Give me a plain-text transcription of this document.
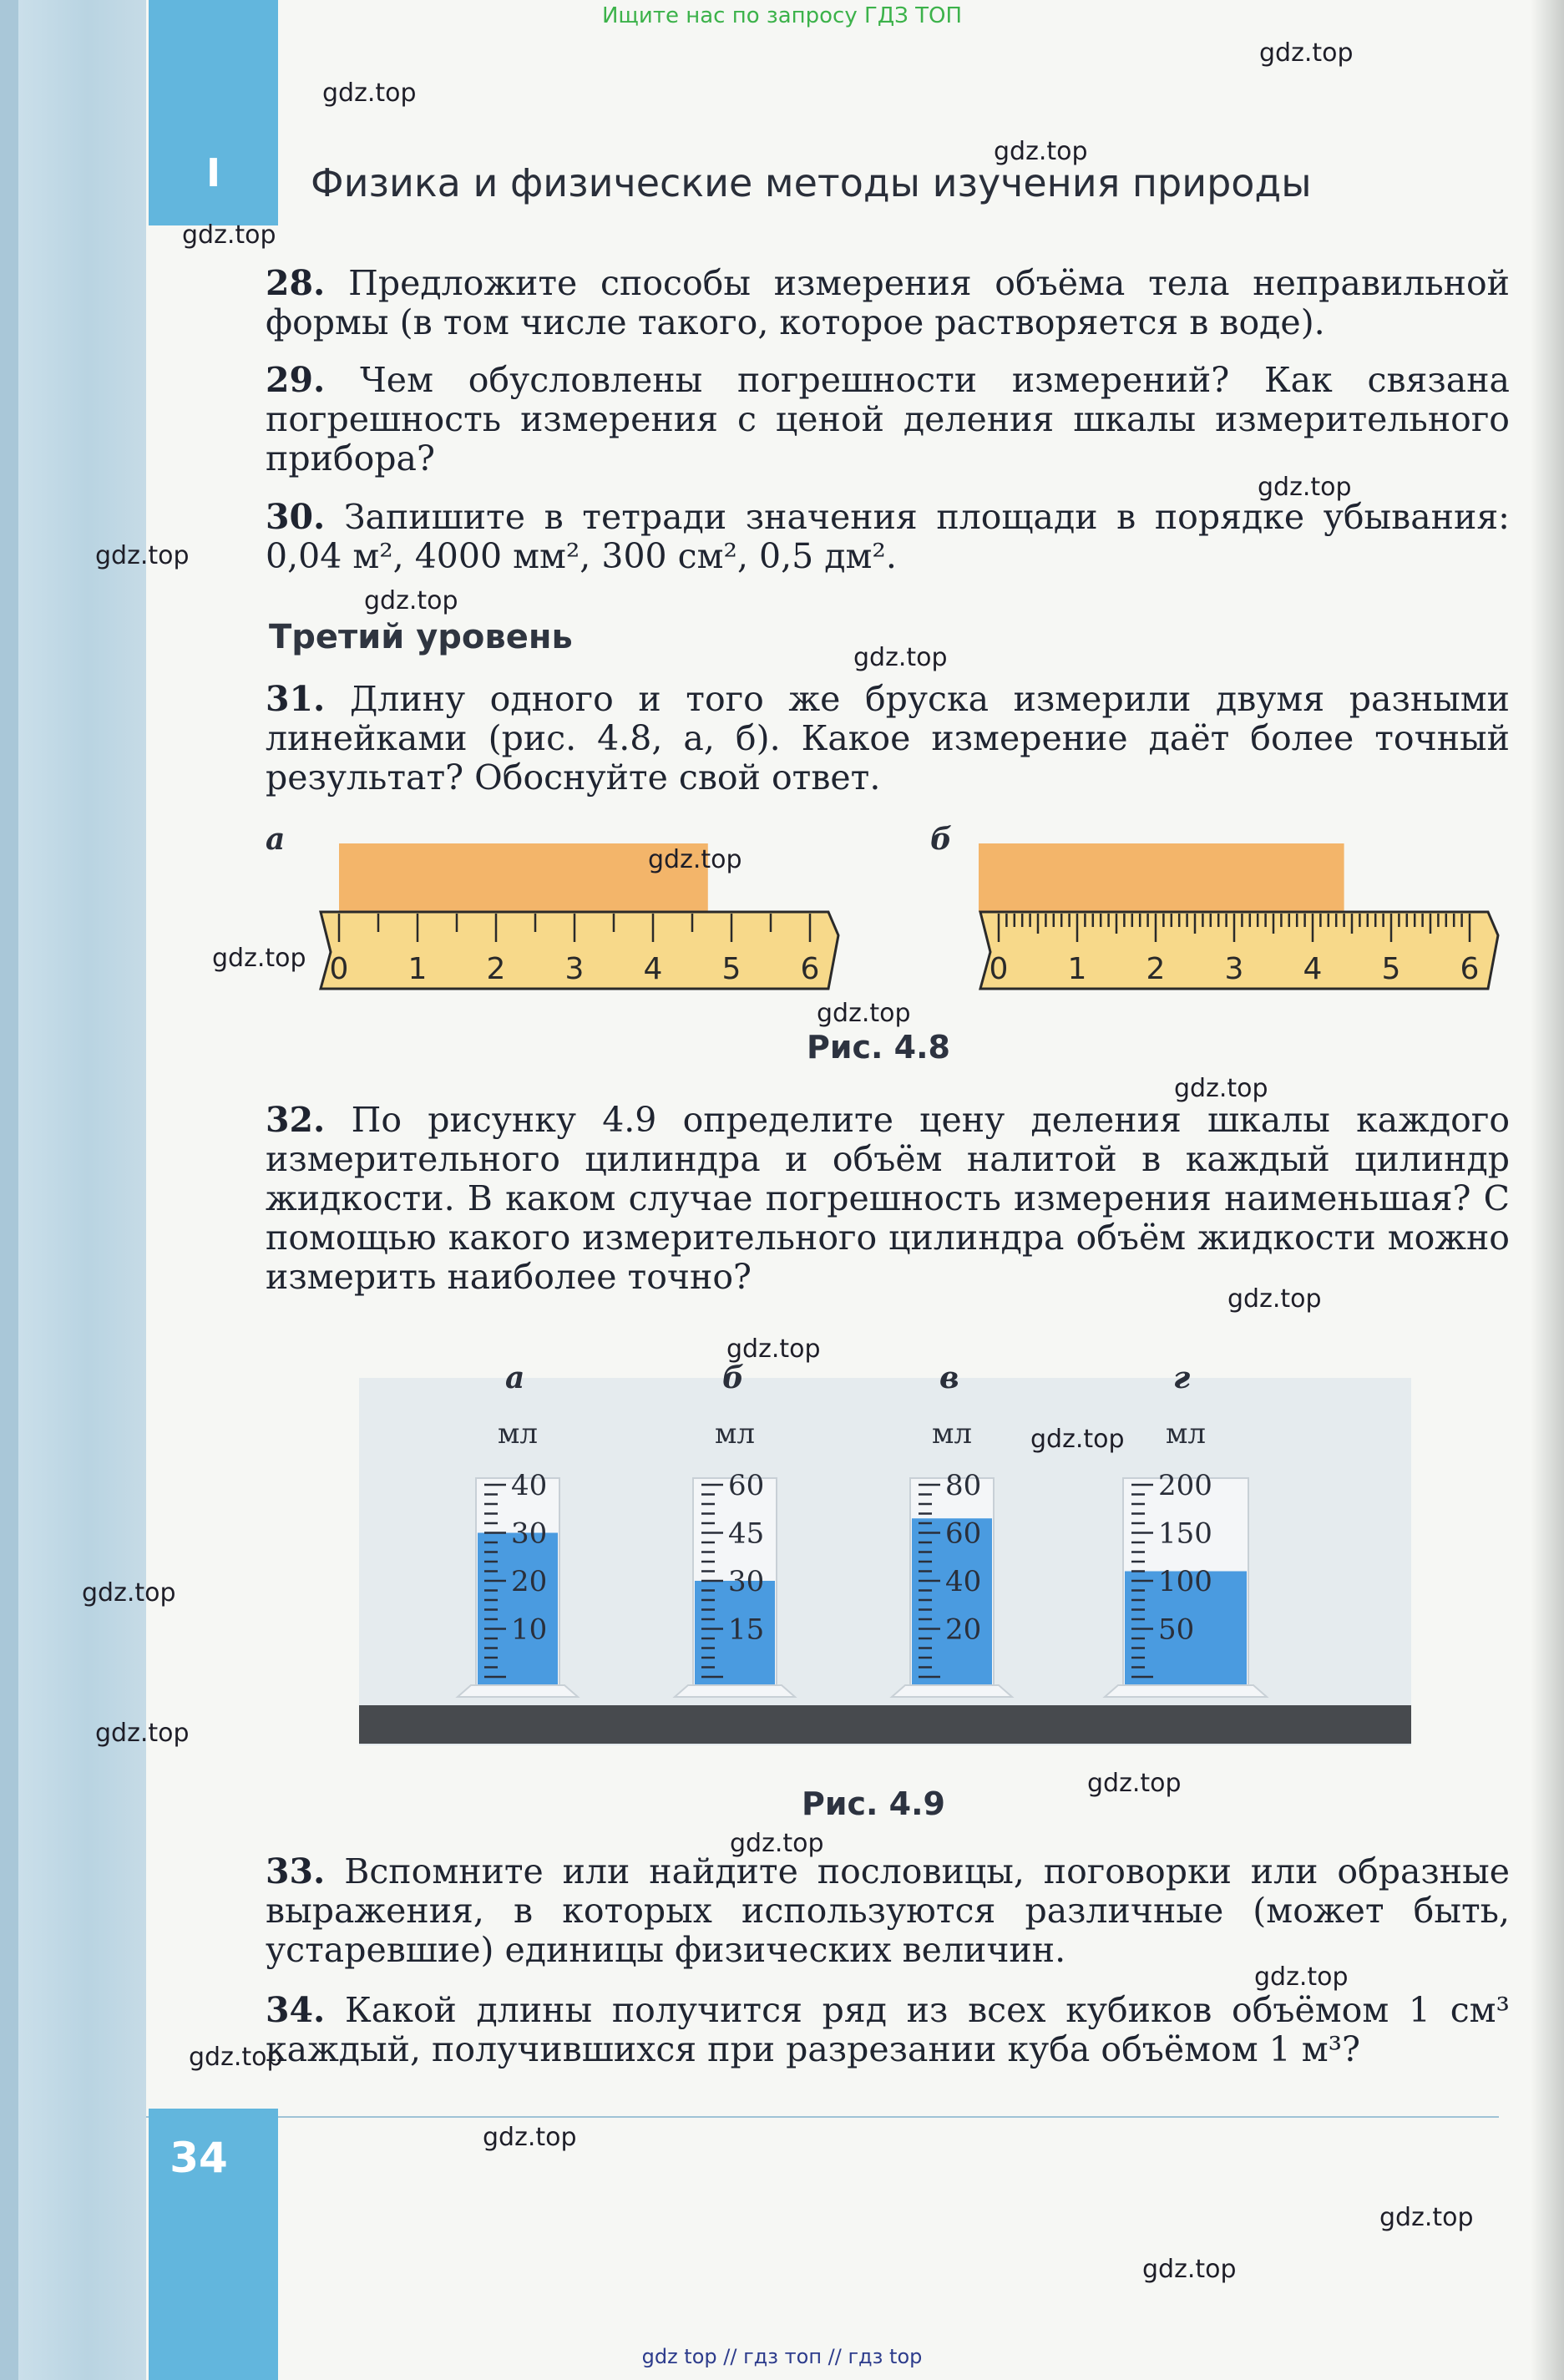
Ищите нас по запросу ГДЗ ТОП
I	Физика и физические методы изучения природы
28. Предложите способы измерения объёма тела неправильной формы (в том числе такого, которое растворяется в воде).
29. Чем обусловлены погрешности измерений? Как связана погрешность измерения с ценой деления шкалы измерительного прибора?
30. Запишите в тетради значения площади в порядке убывания: 0,04 м², 4000 мм², 300 см², 0,5 дм².
Третий уровень
31. Длину одного и того же бруска измерили двумя разными линейками (рис. 4.8, а, б). Какое измерение даёт более точный результат? Обоснуйте свой ответ.
а	б
0 1 2 3 4 5 6	0 1 2 3 4 5 6
Рис. 4.8
32. По рисунку 4.9 определите цену деления шкалы каждого измерительного цилиндра и объём налитой в каждый цилиндр жидкости. В каком случае погрешность измерения наименьшая? С помощью какого измерительного цилиндра объём жидкости можно измерить наиболее точно?
а
мл
40
30
20
10
б
мл
60
45
30
15
в
мл
80
60
40
20
г
мл
200
150
100
50
Рис. 4.9
33. Вспомните или найдите пословицы, поговорки или образные выражения, в которых используются различные (может быть, устаревшие) единицы физических величин.
34. Какой длины получится ряд из всех кубиков объёмом 1 см³ каждый, получившихся при разрезании куба объёмом 1 м³?
34
gdz.top
gdz.top
gdz.top
gdz.top
gdz.top
gdz.top
gdz.top
gdz.top
gdz.top
gdz.top
gdz.top
gdz.top
gdz.top
gdz.top
gdz.top
gdz.top
gdz.top
gdz.top
gdz.top
gdz.top
gdz.top
gdz.top
gdz.top
gdz.top
gdz top // гдз топ // гдз top
